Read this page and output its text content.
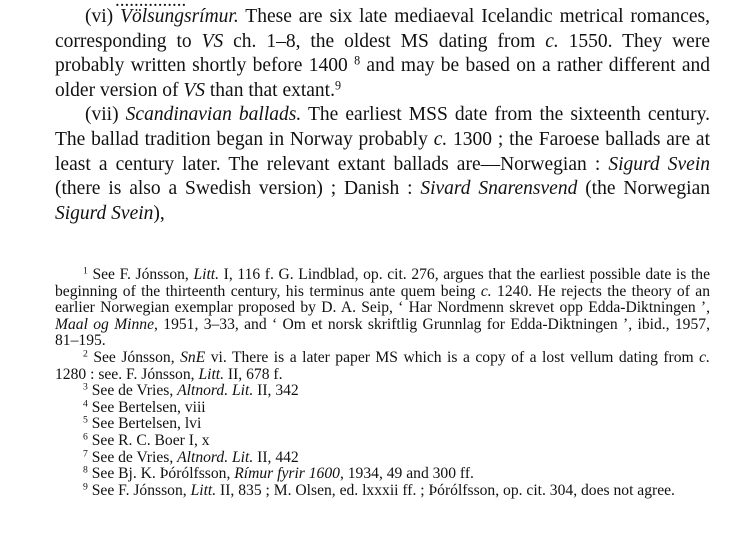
...............

(vi) Völsungsrímur. These are six late mediaeval Icelandic metrical romances, corresponding to VS ch. 1–8, the oldest MS dating from c. 1550. They were probably written shortly before 1400 $^8$ and may be based on a rather different and older version of VS than that extant.$^9$

(vii) Scandinavian ballads. The earliest MSS date from the sixteenth century. The ballad tradition began in Norway probably c. 1300 ; the Faroese ballads are at least a century later. The relevant extant ballads are—Norwegian : Sigurd Svein (there is also a Swedish version) ; Danish : Sivard Snarensvend (the Norwegian Sigurd Svein),

$^1$ See F. Jónsson, Litt. I, 116 f. G. Lindblad, op. cit. 276, argues that the earliest possible date is the beginning of the thirteenth century, his terminus ante quem being c. 1240. He rejects the theory of an earlier Norwegian exemplar proposed by D. A. Seip, ‘ Har Nordmenn skrevet opp Edda-Diktningen ’, Maal og Minne, 1951, 3–33, and ‘ Om et norsk skriftlig Grunnlag for Edda-Diktningen ’, ibid., 1957, 81–195.

$^2$ See Jónsson, SnE vi. There is a later paper MS which is a copy of a lost vellum dating from c. 1280 : see. F. Jónsson, Litt. II, 678 f.

$^3$ See de Vries, Altnord. Lit. II, 342

$^4$ See Bertelsen, viii

$^5$ See Bertelsen, lvi

$^6$ See R. C. Boer I, x

$^7$ See de Vries, Altnord. Lit. II, 442

$^8$ See Bj. K. Þórólfsson, Rímur fyrir 1600, 1934, 49 and 300 ff.

$^9$ See F. Jónsson, Litt. II, 835 ; M. Olsen, ed. lxxxii ff. ; Þórólfsson, op. cit. 304, does not agree.
